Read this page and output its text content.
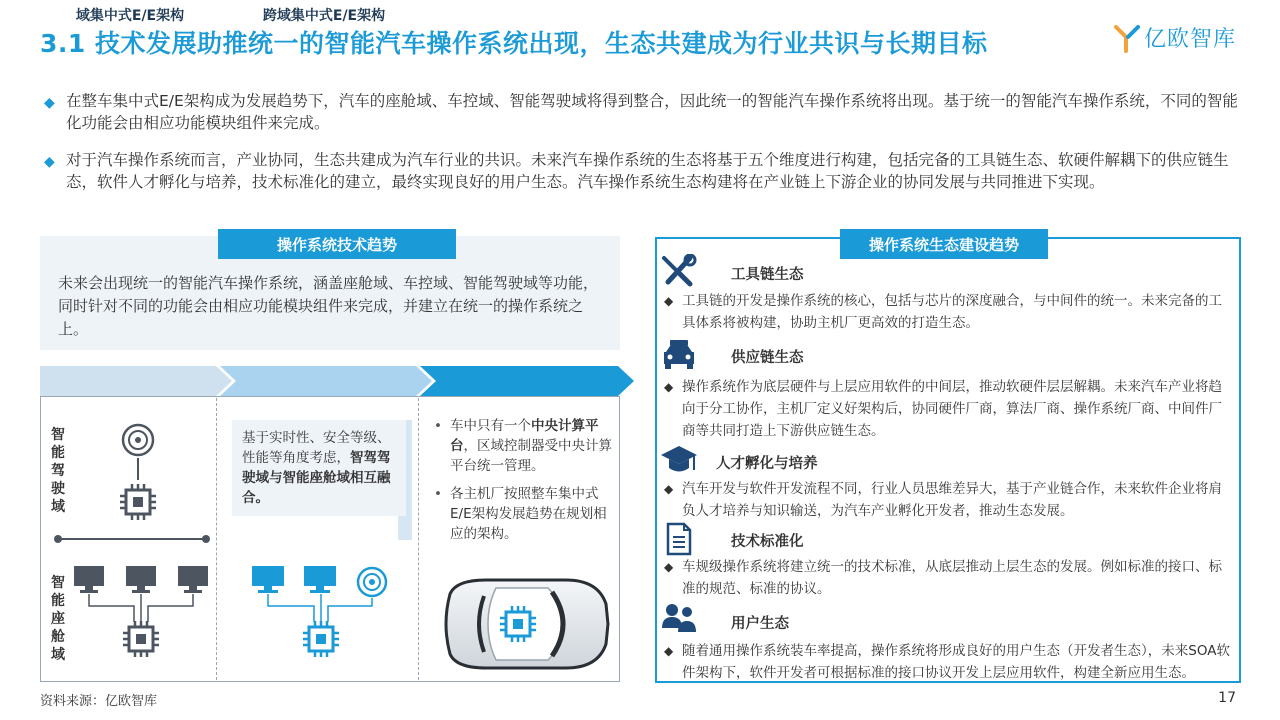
3.1 技术发展助推统一的智能汽车操作系统出现，生态共建成为行业共识与长期目标	亿欧智库
◆ 在整车集中式E/E架构成为发展趋势下，汽车的座舱域、车控域、智能驾驶域将得到整合，因此统一的智能汽车操作系统将出现。基于统一的智能汽车操作系统，不同的智能化功能会由相应功能模块组件来完成。
◆ 对于汽车操作系统而言，产业协同，生态共建成为汽车行业的共识。未来汽车操作系统的生态将基于五个维度进行构建，包括完备的工具链生态、软硬件解耦下的供应链生态，软件人才孵化与培养，技术标准化的建立，最终实现良好的用户生态。汽车操作系统生态构建将在产业链上下游企业的协同发展与共同推进下实现。
操作系统技术趋势
未来会出现统一的智能汽车操作系统，涵盖座舱域、车控域、智能驾驶域等功能，同时针对不同的功能会由相应功能模块组件来完成，并建立在统一的操作系统之上。
域集中式E/E架构	跨域集中式E/E架构	整车集中式E/E架构
智能驾驶域
智能座舱域
基于实时性、安全等级、性能等角度考虑，智驾驾驶域与智能座舱域相互融合。
• 车中只有一个中央计算平台，区域控制器受中央计算平台统一管理。
• 各主机厂按照整车集中式E/E架构发展趋势在规划相应的架构。
操作系统生态建设趋势
工具链生态
◆ 工具链的开发是操作系统的核心，包括与芯片的深度融合，与中间件的统一。未来完备的工具体系将被构建，协助主机厂更高效的打造生态。
供应链生态
◆ 操作系统作为底层硬件与上层应用软件的中间层，推动软硬件层层解耦。未来汽车产业将趋向于分工协作，主机厂定义好架构后，协同硬件厂商，算法厂商、操作系统厂商、中间件厂商等共同打造上下游供应链生态。
人才孵化与培养
◆ 汽车开发与软件开发流程不同，行业人员思维差异大，基于产业链合作，未来软件企业将肩负人才培养与知识输送，为汽车产业孵化开发者，推动生态发展。
技术标准化
◆ 车规级操作系统将建立统一的技术标准，从底层推动上层生态的发展。例如标准的接口、标准的规范、标准的协议。
用户生态
◆ 随着通用操作系统装车率提高，操作系统将形成良好的用户生态（开发者生态），未来SOA软件架构下，软件开发者可根据标准的接口协议开发上层应用软件，构建全新应用生态。
资料来源：亿欧智库	17
